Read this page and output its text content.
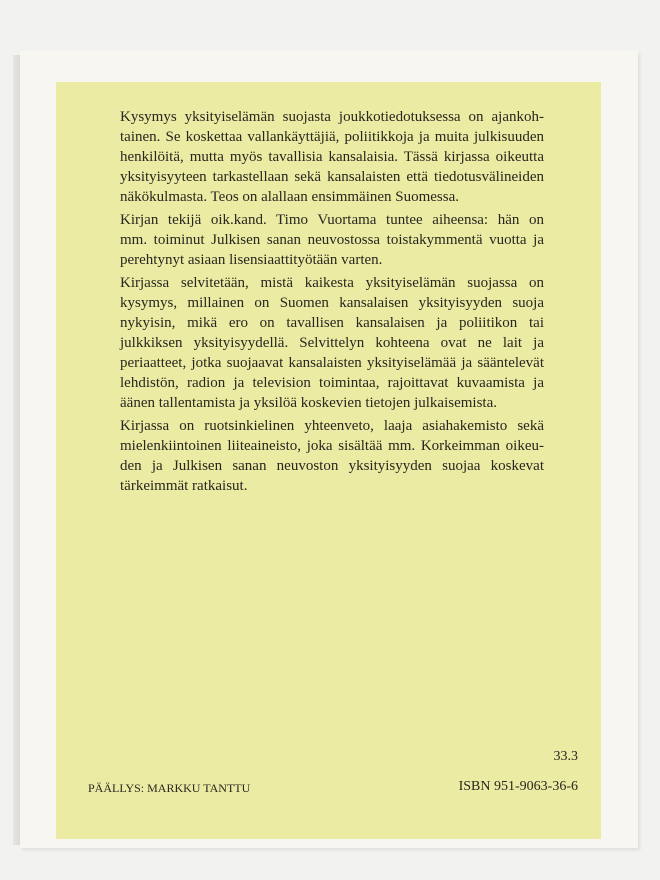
Kysymys yksityiselämän suojasta joukkotiedotuksessa on ajankoh-
tainen. Se koskettaa vallankäyttäjiä, poliitikkoja ja muita julkisuuden
henkilöitä, mutta myös tavallisia kansalaisia. Tässä kirjassa oikeutta
yksityisyyteen tarkastellaan sekä kansalaisten että tiedotusvälineiden
näkökulmasta. Teos on alallaan ensimmäinen Suomessa.
Kirjan tekijä oik.kand. Timo Vuortama tuntee aiheensa: hän on
mm. toiminut Julkisen sanan neuvostossa toistakymmentä vuotta ja
perehtynyt asiaan lisensiaattityötään varten.
Kirjassa selvitetään, mistä kaikesta yksityiselämän suojassa on
kysymys, millainen on Suomen kansalaisen yksityisyyden suoja
nykyisin, mikä ero on tavallisen kansalaisen ja poliitikon tai
julkkiksen yksityisyydellä. Selvittelyn kohteena ovat ne lait ja
periaatteet, jotka suojaavat kansalaisten yksityiselämää ja sääntelevät
lehdistön, radion ja television toimintaa, rajoittavat kuvaamista ja
äänen tallentamista ja yksilöä koskevien tietojen julkaisemista.
Kirjassa on ruotsinkielinen yhteenveto, laaja asiahakemisto sekä
mielenkiintoinen liiteaineisto, joka sisältää mm. Korkeimman oikeu-
den ja Julkisen sanan neuvoston yksityisyyden suojaa koskevat
tärkeimmät ratkaisut.
33.3
PÄÄLLYS: MARKKU TANTTU	ISBN 951-9063-36-6
